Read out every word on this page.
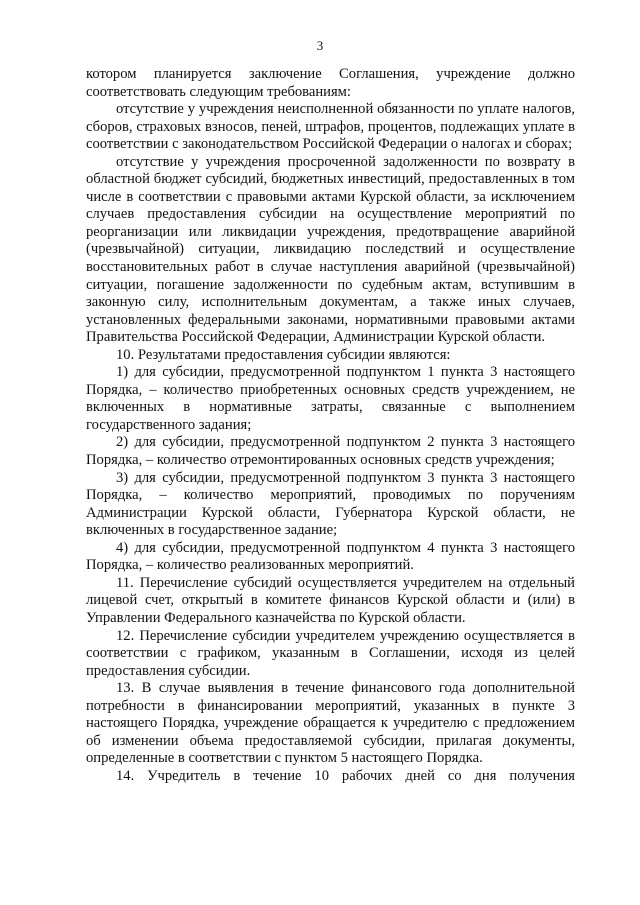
3

котором планируется заключение Соглашения, учреждение должно соответствовать следующим требованиям:

отсутствие у учреждения неисполненной обязанности по уплате налогов, сборов, страховых взносов, пеней, штрафов, процентов, подлежащих уплате в соответствии с законодательством Российской Федерации о налогах и сборах;

отсутствие у учреждения просроченной задолженности по возврату в областной бюджет субсидий, бюджетных инвестиций, предоставленных в том числе в соответствии с правовыми актами Курской области, за исключением случаев предоставления субсидии на осуществление мероприятий по реорганизации или ликвидации учреждения, предотвращение аварийной (чрезвычайной) ситуации, ликвидацию последствий и осуществление восстановительных работ в случае наступления аварийной (чрезвычайной) ситуации, погашение задолженности по судебным актам, вступившим в законную силу, исполнительным документам, а также иных случаев, установленных федеральными законами, нормативными правовыми актами Правительства Российской Федерации, Администрации Курской области.

10. Результатами предоставления субсидии являются:

1) для субсидии, предусмотренной подпунктом 1 пункта 3 настоящего Порядка, – количество приобретенных основных средств учреждением, не включенных в нормативные затраты, связанные с выполнением государственного задания;

2) для субсидии, предусмотренной подпунктом 2 пункта 3 настоящего Порядка, – количество отремонтированных основных средств учреждения;

3) для субсидии, предусмотренной подпунктом 3 пункта 3 настоящего Порядка, – количество мероприятий, проводимых по поручениям Администрации Курской области, Губернатора Курской области, не включенных в государственное задание;

4) для субсидии, предусмотренной подпунктом 4 пункта 3 настоящего Порядка, – количество реализованных мероприятий.

11. Перечисление субсидий осуществляется учредителем на отдельный лицевой счет, открытый в комитете финансов Курской области и (или) в Управлении Федерального казначейства по Курской области.

12. Перечисление субсидии учредителем учреждению осуществляется в соответствии с графиком, указанным в Соглашении, исходя из целей предоставления субсидии.

13. В случае выявления в течение финансового года дополнительной потребности в финансировании мероприятий, указанных в пункте 3 настоящего Порядка, учреждение обращается к учредителю с предложением об изменении объема предоставляемой субсидии, прилагая документы, определенные в соответствии с пунктом 5 настоящего Порядка.

14. Учредитель в течение 10 рабочих дней со дня получения
